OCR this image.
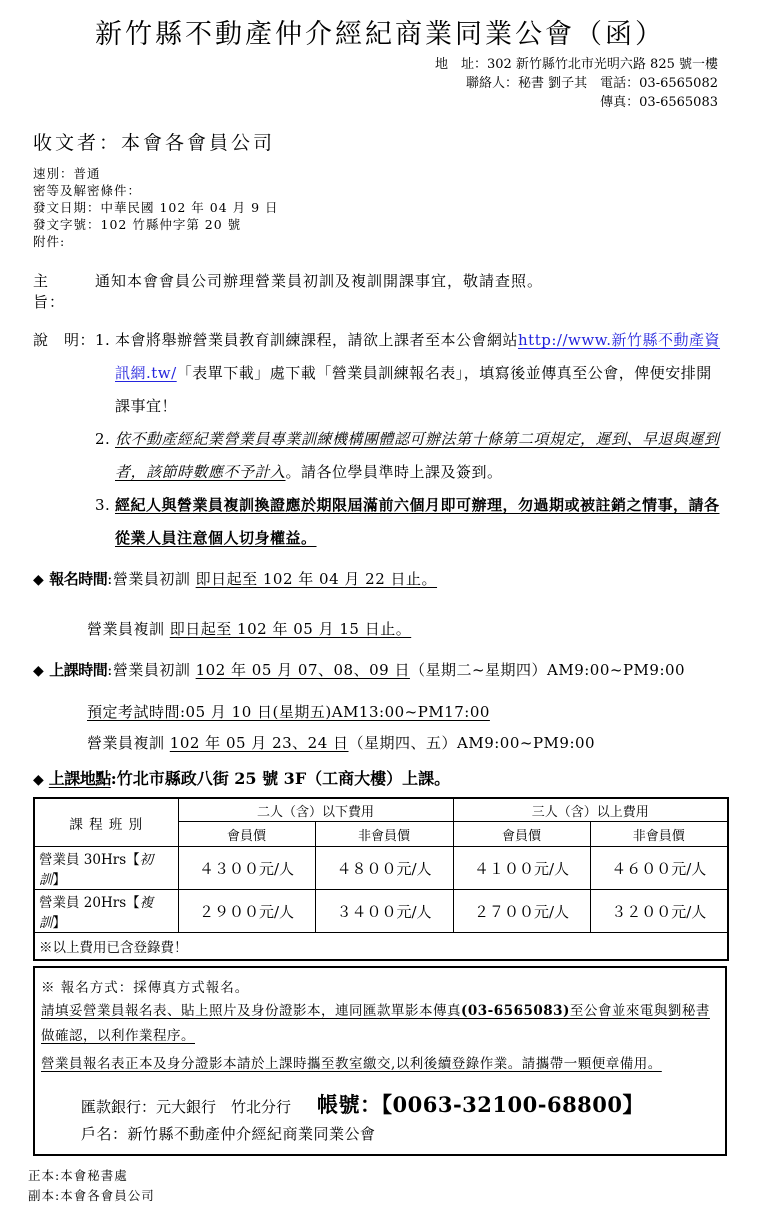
新竹縣不動產仲介經紀商業同業公會（函）
地　址：302 新竹縣竹北市光明六路 825 號一樓
聯絡人：秘書 劉子其　電話：03-6565082
傳真：03-6565083
收文者：本會各會員公司
速別：普通
密等及解密條件：
發文日期：中華民國 102 年 04 月 9 日
發文字號：102 竹縣仲字第 20 號
附件:
主　旨：
通知本會會員公司辦理營業員初訓及複訓開課事宜，敬請查照。
說　明： 1. 本會將舉辦營業員教育訓練課程，請欲上課者至本公會網站http://www.新竹縣不動產資訊網.tw/「表單下載」處下載「營業員訓練報名表」，填寫後並傳真至公會，俾便安排開課事宜！
2. 依不動產經紀業營業員專業訓練機構團體認可辦法第十條第二項規定，遲到、早退與遲到者，該節時數應不予計入。請各位學員準時上課及簽到。
3. 經紀人與營業員複訓換證應於期限屆滿前六個月即可辦理，勿過期或被註銷之情事，請各從業人員注意個人切身權益。
◆ 報名時間:營業員初訓 即日起至 102 年 04 月 22 日止。
營業員複訓 即日起至 102 年 05 月 15 日止。
◆ 上課時間:營業員初訓 102 年 05 月 07、08、09 日（星期二~星期四）AM9:00~PM9:00
預定考試時間:05 月 10 日(星期五)AM13:00~PM17:00
營業員複訓 102 年 05 月 23、24 日（星期四、五）AM9:00~PM9:00
◆ 上課地點:竹北市縣政八街 25 號 3F（工商大樓）上課。
課 程 班 別	二人（含）以下費用		三人（含）以上費用	
	會員價	非會員價	會員價	非會員價
營業員 30Hrs【初訓】	４３００元/人	４８００元/人	４１００元/人	４６００元/人
營業員 20Hrs【複訓】	２９００元/人	３４００元/人	２７００元/人	３２００元/人
※以上費用已含登錄費！				
※ 報名方式：採傳真方式報名。
請填妥營業員報名表、貼上照片及身份證影本，連同匯款單影本傳真(03-6565083)至公會並來電與劉秘書做確認，以利作業程序。
營業員報名表正本及身分證影本請於上課時攜至教室繳交,以利後續登錄作業。請攜帶一顆便章備用。
匯款銀行：元大銀行　竹北分行 帳號：【0063-32100-68800】
戶名：新竹縣不動產仲介經紀商業同業公會
正本:本會秘書處
副本:本會各會員公司
